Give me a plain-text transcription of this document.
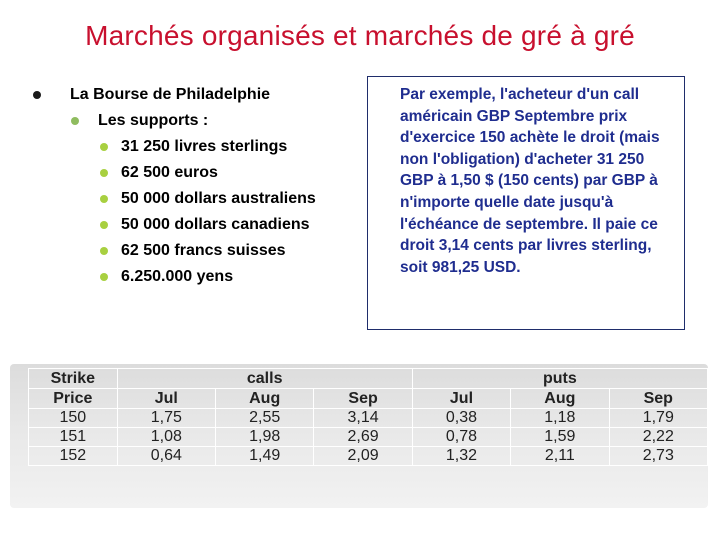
Marchés organisés et marchés de gré à gré
La Bourse de Philadelphie
Les supports :
31 250 livres sterlings
62 500 euros
50 000 dollars australiens
50 000 dollars canadiens
62 500 francs suisses
6.250.000 yens
Par exemple, l'acheteur d'un call américain GBP Septembre prix d'exercice 150 achète le droit (mais non l'obligation) d'acheter 31 250 GBP à 1,50 $ (150 cents) par GBP à n'importe quelle date jusqu'à l'échéance de septembre. Il paie ce droit 3,14 cents par livres sterling, soit 981,25 USD.
Strike	calls			puts		
Price	Jul	Aug	Sep	Jul	Aug	Sep
150	1,75	2,55	3,14	0,38	1,18	1,79
151	1,08	1,98	2,69	0,78	1,59	2,22
152	0,64	1,49	2,09	1,32	2,11	2,73
